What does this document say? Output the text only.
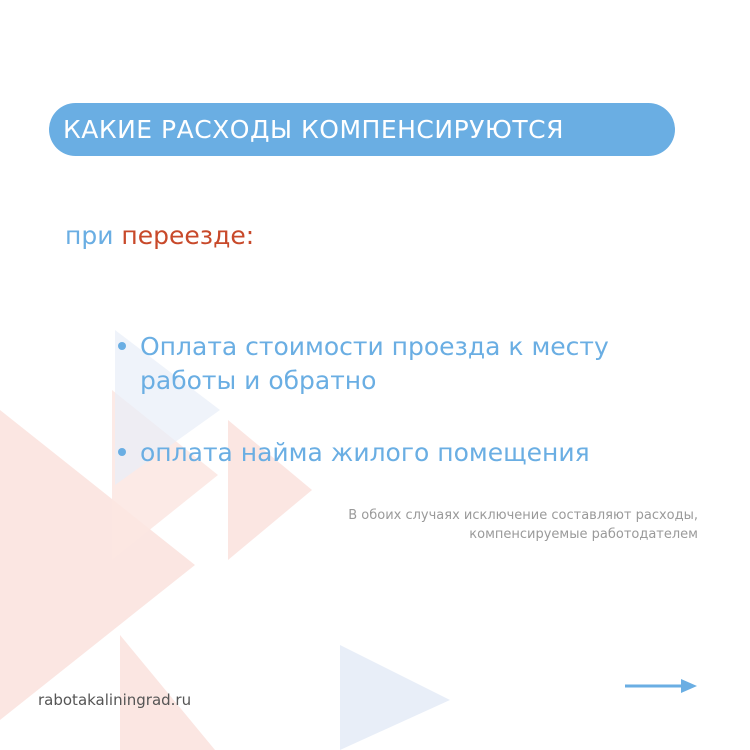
КАКИЕ РАСХОДЫ КОМПЕНСИРУЮТСЯ
при переезде:
Оплата стоимости проезда к месту работы и обратно
оплата найма жилого помещения
В обоих случаях исключение составляют расходы, компенсируемые работодателем
rabotakaliningrad.ru
